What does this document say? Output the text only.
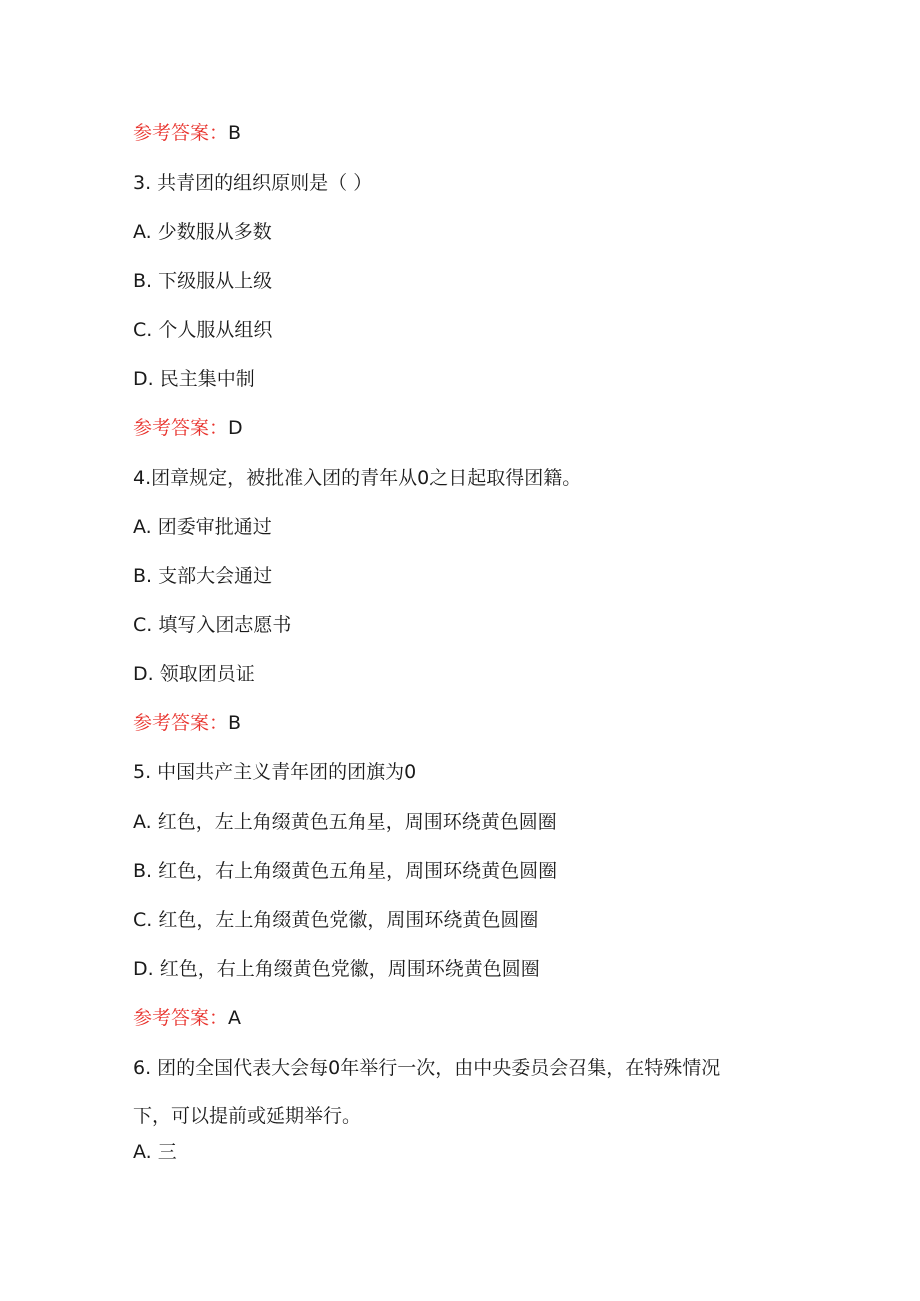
参考答案：B
3. 共青团的组织原则是（ ）
A. 少数服从多数
B. 下级服从上级
C. 个人服从组织
D. 民主集中制
参考答案：D
4.团章规定，被批准入团的青年从0之日起取得团籍。
A. 团委审批通过
B. 支部大会通过
C. 填写入团志愿书
D. 领取团员证
参考答案：B
5. 中国共产主义青年团的团旗为0
A. 红色，左上角缀黄色五角星，周围环绕黄色圆圈
B. 红色，右上角缀黄色五角星，周围环绕黄色圆圈
C. 红色，左上角缀黄色党徽，周围环绕黄色圆圈
D. 红色，右上角缀黄色党徽，周围环绕黄色圆圈
参考答案：A
6. 团的全国代表大会每0年举行一次，由中央委员会召集，在特殊情况
下，可以提前或延期举行。
A. 三
